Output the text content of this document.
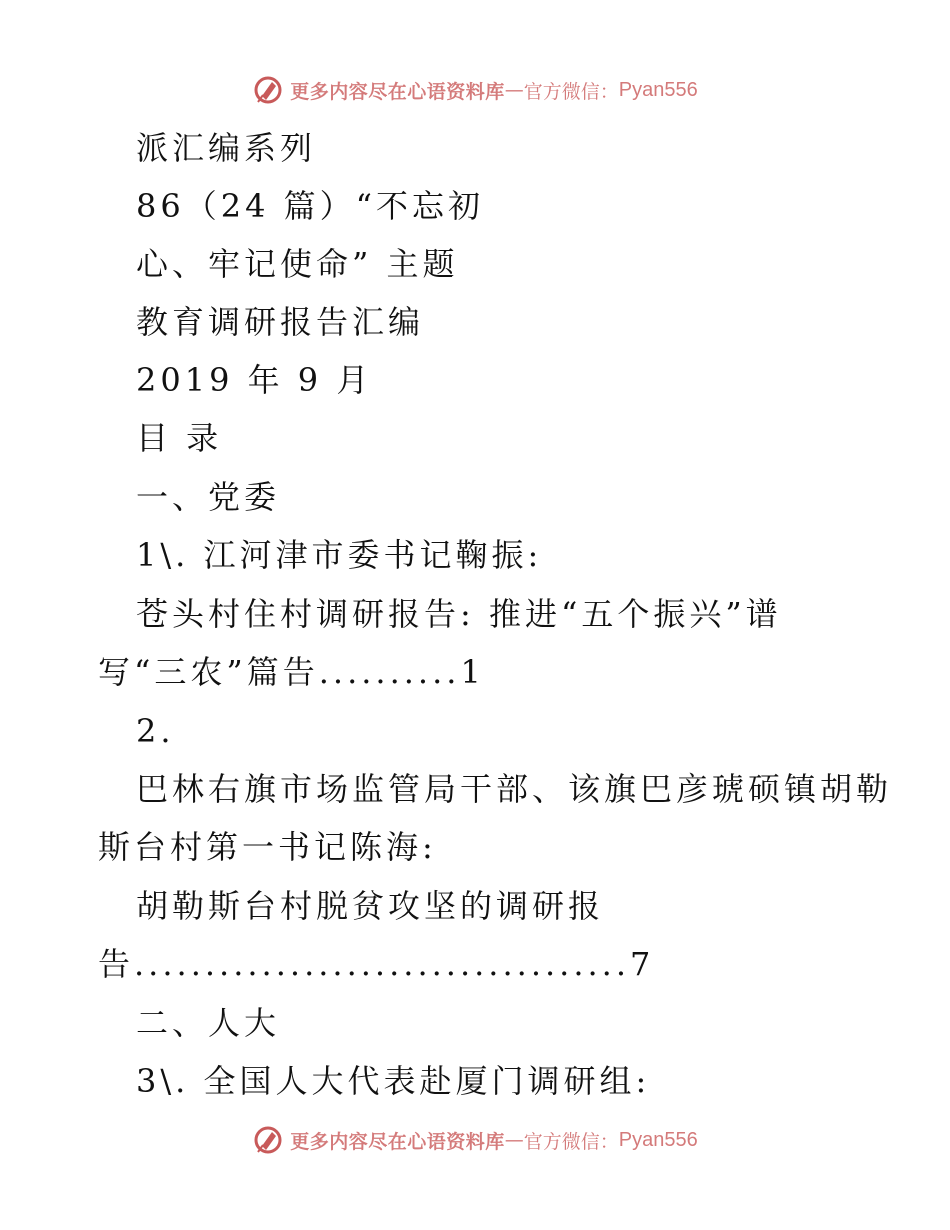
更多内容尽在心语资料库 — 官方微信： Pyan556
派汇编系列
86（24 篇）“不忘初
心、牢记使命” 主题
教育调研报告汇编
2019 年 9 月
目 录
一、党委
1\. 江河津市委书记鞠振:
苍头村住村调研报告: 推进“五个振兴”谱
写“三农”篇告..........1
2.
巴林右旗市场监管局干部、该旗巴彦琥硕镇胡勒
斯台村第一书记陈海:
胡勒斯台村脱贫攻坚的调研报
告...................................7
二、人大
3\. 全国人大代表赴厦门调研组:
更多内容尽在心语资料库 — 官方微信： Pyan556
